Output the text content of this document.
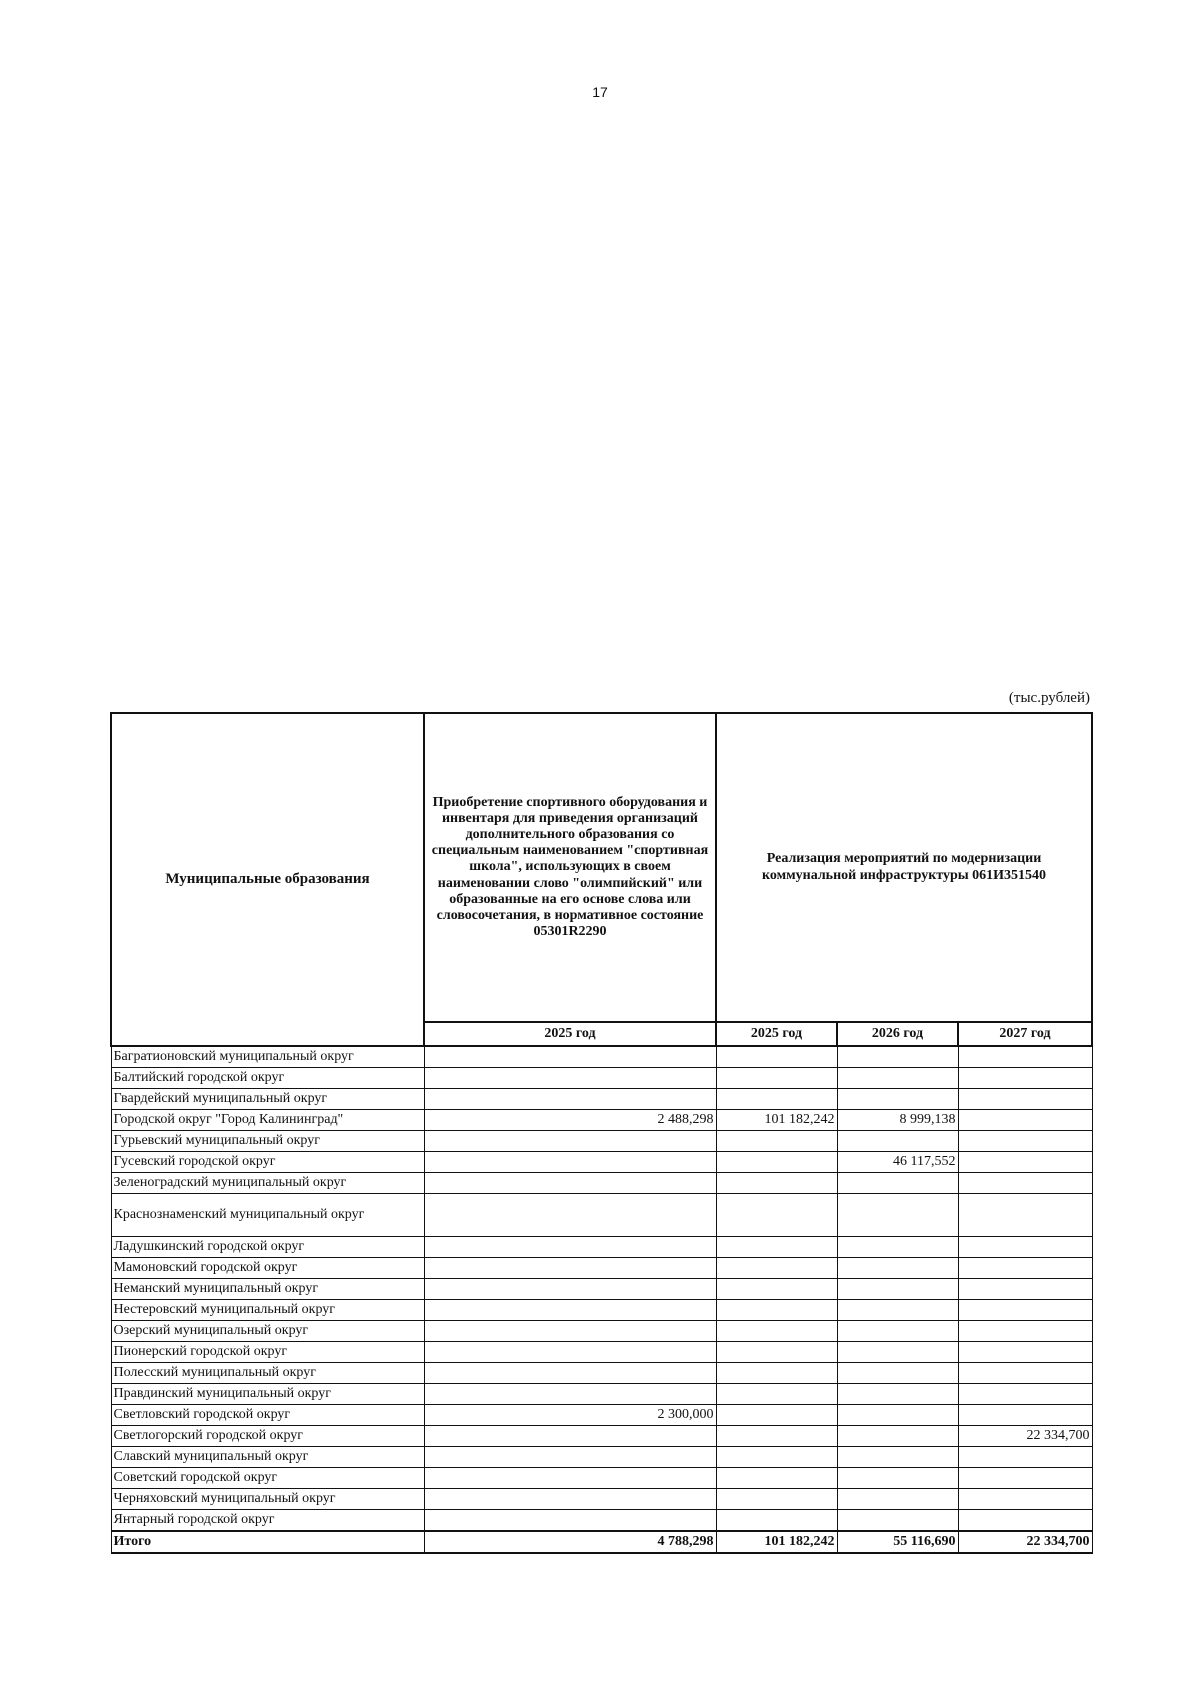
17
(тыс.рублей)
Муниципальные образования	Приобретение спортивного оборудования и инвентаря для приведения организаций дополнительного образования со специальным наименованием "спортивная школа", использующих в своем наименовании слово "олимпийский" или образованные на его основе слова или словосочетания, в нормативное состояние 05301R2290	Реализация мероприятий по модернизации коммунальной инфраструктуры 061И351540		
	2025 год	2025 год	2026 год	2027 год
Багратионовский муниципальный округ				
Балтийский городской округ				
Гвардейский муниципальный округ				
Городской округ "Город Калининград"	2 488,298	101 182,242	8 999,138	
Гурьевский муниципальный округ				
Гусевский городской округ			46 117,552	
Зеленоградский муниципальный округ				
Краснознаменский муниципальный округ				
Ладушкинский городской округ				
Мамоновский городской округ				
Неманский муниципальный округ				
Нестеровский муниципальный округ				
Озерский муниципальный округ				
Пионерский городской округ				
Полесский муниципальный округ				
Правдинский муниципальный округ				
Светловский городской округ	2 300,000			
Светлогорский городской округ				22 334,700
Славский муниципальный округ				
Советский городской округ				
Черняховский муниципальный округ				
Янтарный городской округ				
Итого	4 788,298	101 182,242	55 116,690	22 334,700
